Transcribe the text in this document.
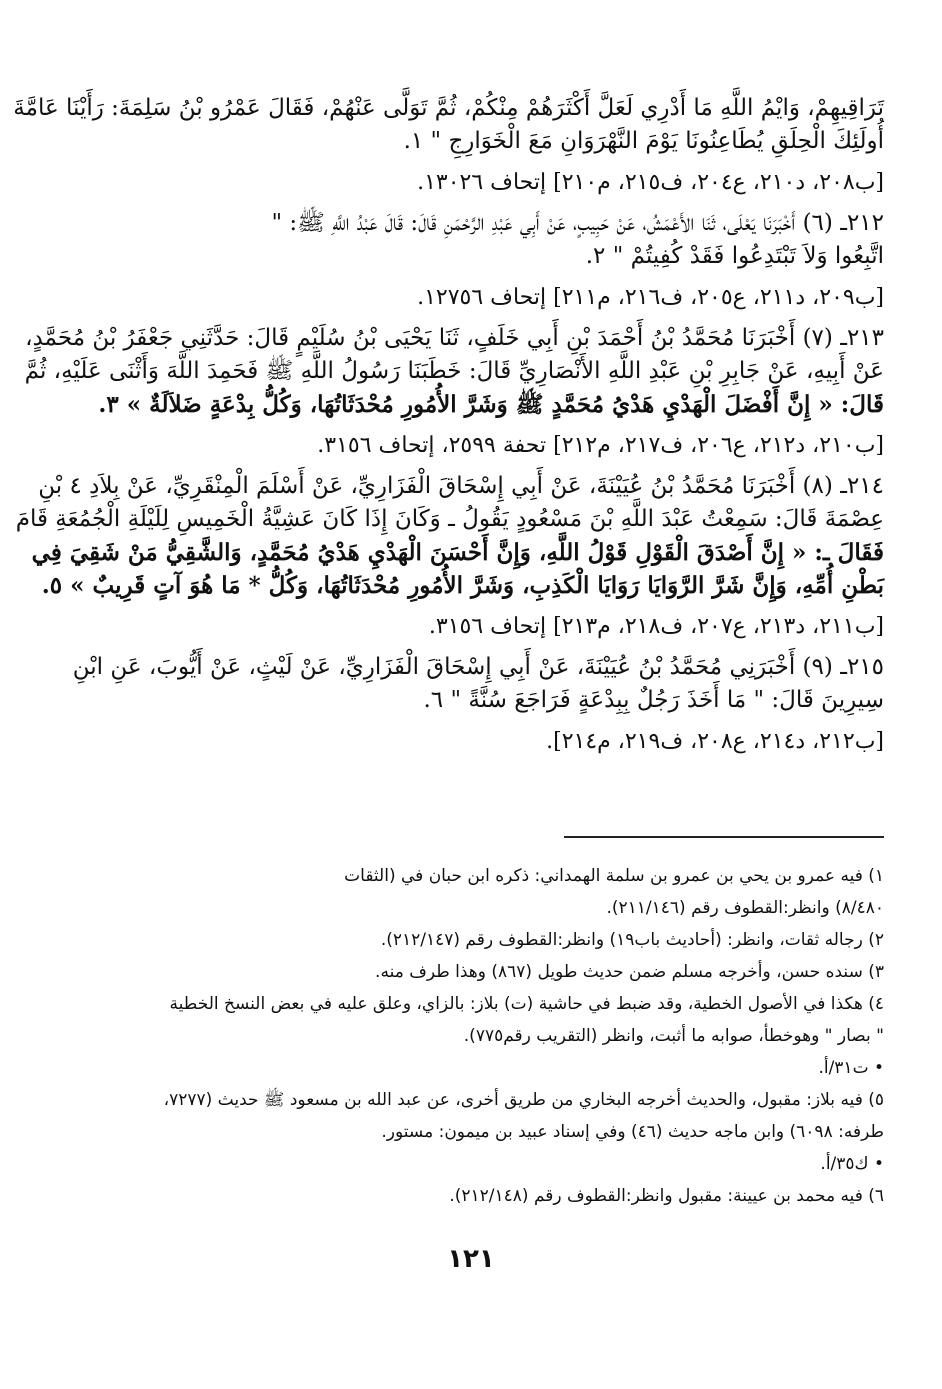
تَرَاقِيهِمْ، وَايْمُ اللَّهِ مَا أَدْرِي لَعَلَّ أَكْثَرَهُمْ مِنْكُمْ، ثُمَّ تَوَلَّى عَنْهُمْ، فَقَالَ عَمْرُو بْنُ سَلِمَةَ: رَأَيْنَا عَامَّةَ
أُولَئِكَ الْحِلَقِ يُطَاعِنُونَا يَوْمَ النَّهْرَوَانِ مَعَ الْخَوَارِجِ " ١.
[ب٢٠٨، د٢١٠، ع٢٠٤، ف٢١٥، م٢١٠] إتحاف ١٣٠٢٦.
٢١٢ـ (٦) أَخْبَرَنَا يَعْلَى، ثَنَا الأَعْمَشُ، عَنْ حَبِيبٍ، عَنْ أَبِي عَبْدِ الرَّحْمَنِ قَالَ: قَالَ عَبْدُ اللَّهِ ﷺ: "
اتَّبِعُوا وَلاَ تَبْتَدِعُوا فَقَدْ كُفِيتُمْ " ٢.
[ب٢٠٩، د٢١١، ع٢٠٥، ف٢١٦، م٢١١] إتحاف ١٢٧٥٦.
٢١٣ـ (٧) أَخْبَرَنَا مُحَمَّدُ بْنُ أَحْمَدَ بْنِ أَبِي خَلَفٍ، ثَنَا يَحْيَى بْنُ سُلَيْمٍ قَالَ: حَدَّثَنِي جَعْفَرُ بْنُ مُحَمَّدٍ،
عَنْ أَبِيهِ، عَنْ جَابِرِ بْنِ عَبْدِ اللَّهِ الأَنْصَارِيِّ قَالَ: خَطَبَنَا رَسُولُ اللَّهِ ﷺ فَحَمِدَ اللَّهَ وَأَثْنَى عَلَيْهِ، ثُمَّ
قَالَ: « إِنَّ أَفْضَلَ الْهَدْيِ هَدْيُ مُحَمَّدٍ ﷺ وَشَرَّ الأُمُورِ مُحْدَثَاتُهَا، وَكُلُّ بِدْعَةٍ ضَلاَلَةٌ » ٣.
[ب٢١٠، د٢١٢، ع٢٠٦، ف٢١٧، م٢١٢] تحفة ٢٥٩٩، إتحاف ٣١٥٦.
٢١٤ـ (٨) أَخْبَرَنَا مُحَمَّدُ بْنُ عُيَيْنَةَ، عَنْ أَبِي إِسْحَاقَ الْفَزَارِيِّ، عَنْ أَسْلَمَ الْمِنْقَرِيِّ، عَنْ بِلاَدِ ٤ بْنِ
عِصْمَةَ قَالَ: سَمِعْتُ عَبْدَ اللَّهِ بْنَ مَسْعُودٍ يَقُولُ ـ وَكَانَ إِذَا كَانَ عَشِيَّةُ الْخَمِيسِ لِلَيْلَةِ الْجُمُعَةِ قَامَ
فَقَالَ ـ: « إِنَّ أَصْدَقَ الْقَوْلِ قَوْلُ اللَّهِ، وَإِنَّ أَحْسَنَ الْهَدْيِ هَدْيُ مُحَمَّدٍ، وَالشَّقِيُّ مَنْ شَقِيَ فِي
بَطْنِ أُمِّهِ، وَإِنَّ شَرَّ الرَّوَايَا رَوَايَا الْكَذِبِ، وَشَرَّ الأُمُورِ مُحْدَثَاتُهَا، وَكُلُّ * مَا هُوَ آتٍ قَرِيبٌ » ٥.
[ب٢١١، د٢١٣، ع٢٠٧، ف٢١٨، م٢١٣] إتحاف ٣١٥٦.
٢١٥ـ (٩) أَخْبَرَنِي مُحَمَّدُ بْنُ عُيَيْنَةَ، عَنْ أَبِي إِسْحَاقَ الْفَزَارِيِّ، عَنْ لَيْثٍ، عَنْ أَيُّوبَ، عَنِ ابْنِ
سِيرِينَ قَالَ: " مَا أَخَذَ رَجُلٌ بِبِدْعَةٍ فَرَاجَعَ سُنَّةً " ٦.
[ب٢١٢، د٢١٤، ع٢٠٨، ف٢١٩، م٢١٤].
١) فيه عمرو بن يحي بن عمرو بن سلمة الهمداني: ذكره ابن حبان في (الثقات
٨/٤٨٠) وانظر:القطوف رقم (٢١١/١٤٦).
٢) رجاله ثقات، وانظر: (أحاديث باب١٩) وانظر:القطوف رقم (٢١٢/١٤٧).
٣) سنده حسن، وأخرجه مسلم ضمن حديث طويل (٨٦٧) وهذا طرف منه.
٤) هكذا في الأصول الخطية، وقد ضبط في حاشية (ت) بلاز: بالزاي، وعلق عليه في بعض النسخ الخطية
" بصار " وهوخطأ، صوابه ما أثبت، وانظر (التقريب رقم٧٧٥).
• ت٣١/أ.
٥) فيه بلاز: مقبول، والحديث أخرجه البخاري من طريق أخرى، عن عبد الله بن مسعود ﷺ حديث (٧٢٧٧،
طرفه: ٦٠٩٨) وابن ماجه حديث (٤٦) وفي إسناد عبيد بن ميمون: مستور.
• ك٣٥/أ.
٦) فيه محمد بن عيينة: مقبول وانظر:القطوف رقم (٢١٢/١٤٨).
١٢١
